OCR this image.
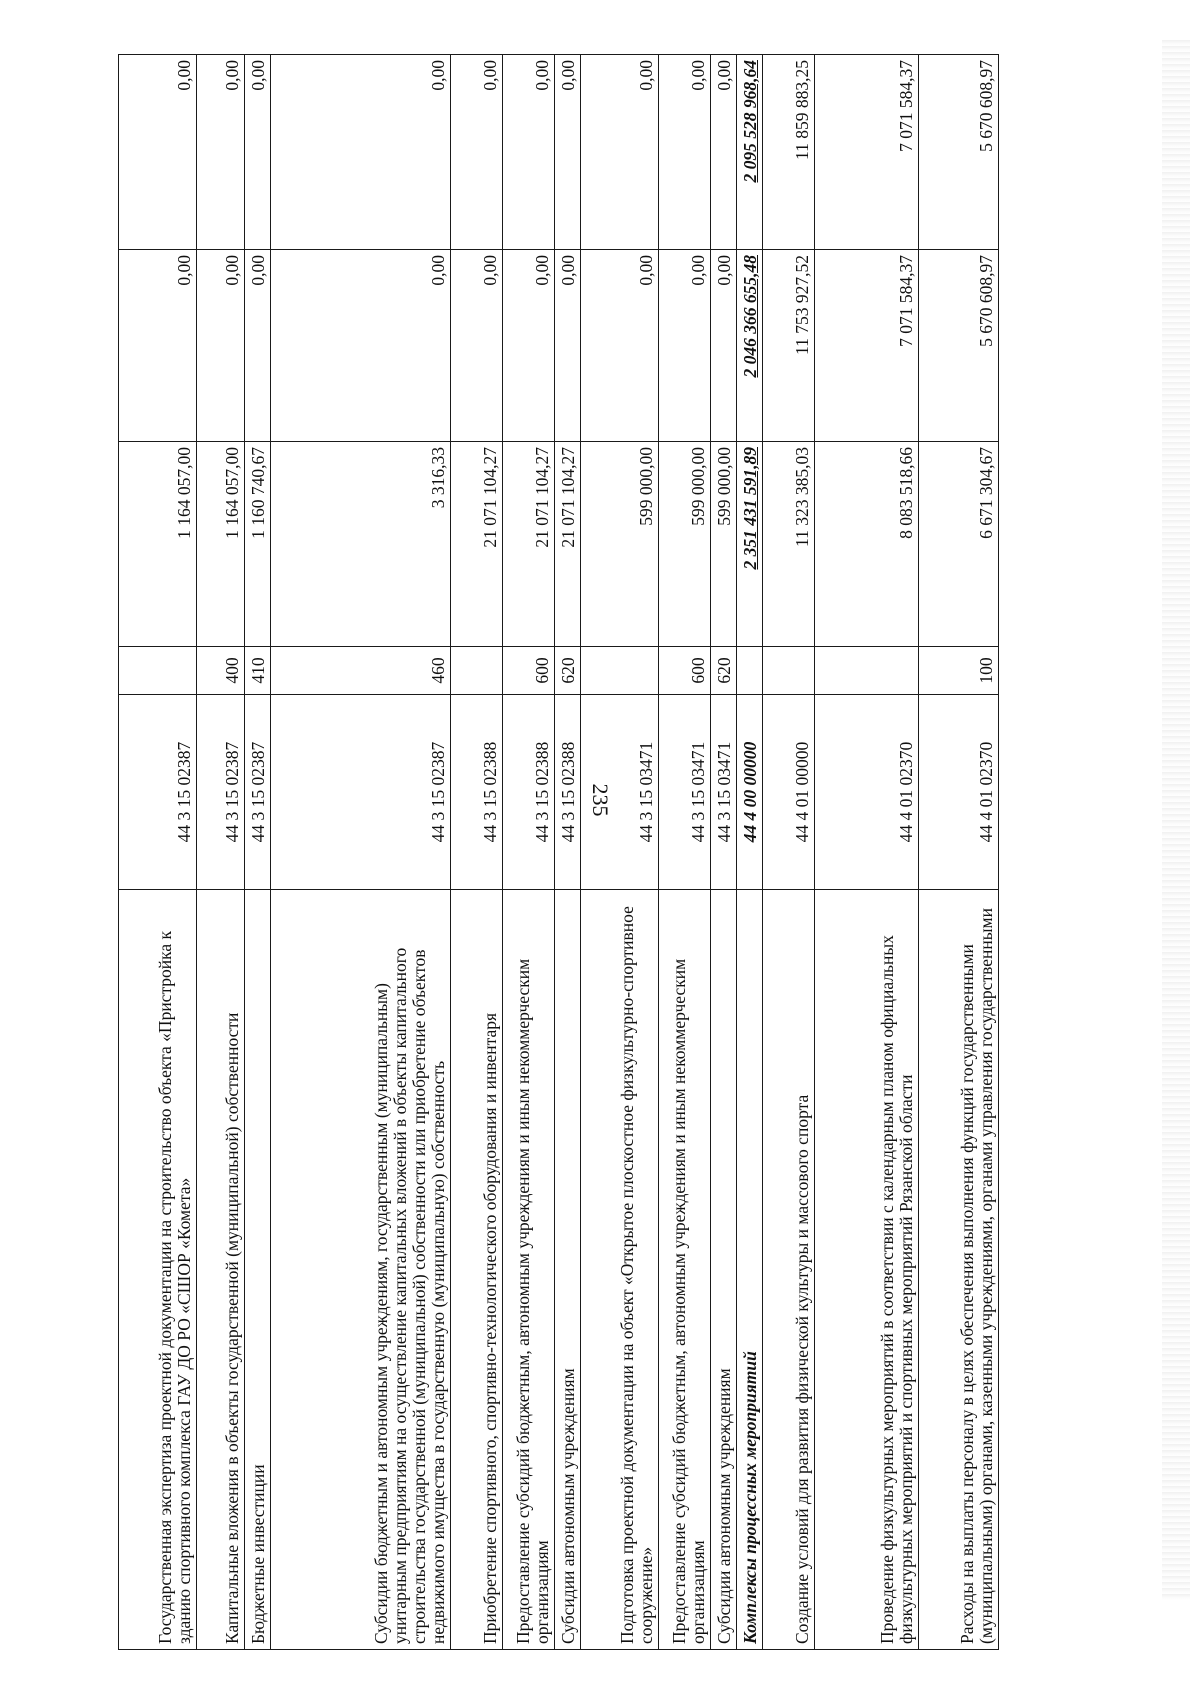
235
Государственная экспертиза проектной документации на строительство объекта «Пристройка к зданию спортивного комплекса ГАУ ДО РО «СШОР «Комета»	44 3 15 02387		1 164 057,00	0,00	0,00
Капитальные вложения в объекты государственной (муниципальной) собственности	44 3 15 02387	400	1 164 057,00	0,00	0,00
Бюджетные инвестиции	44 3 15 02387	410	1 160 740,67	0,00	0,00
Субсидии бюджетным и автономным учреждениям, государственным (муниципальным) унитарным предприятиям на осуществление капитальных вложений в объекты капитального строительства государственной (муниципальной) собственности или приобретение объектов недвижимого имущества в государственную (муниципальную) собственность	44 3 15 02387	460	3 316,33	0,00	0,00
Приобретение спортивного, спортивно-технологического оборудования и инвентаря	44 3 15 02388		21 071 104,27	0,00	0,00
Предоставление субсидий бюджетным, автономным учреждениям и иным некоммерческим организациям	44 3 15 02388	600	21 071 104,27	0,00	0,00
Субсидии автономным учреждениям	44 3 15 02388	620	21 071 104,27	0,00	0,00
Подготовка проектной документации на объект «Открытое плоскостное физкультурно-спортивное сооружение»	44 3 15 03471		599 000,00	0,00	0,00
Предоставление субсидий бюджетным, автономным учреждениям и иным некоммерческим организациям	44 3 15 03471	600	599 000,00	0,00	0,00
Субсидии автономным учреждениям	44 3 15 03471	620	599 000,00	0,00	0,00
Комплексы процессных мероприятий	44 4 00 00000		2 351 431 591,89	2 046 366 655,48	2 095 528 968,64
Создание условий для развития физической культуры и массового спорта	44 4 01 00000		11 323 385,03	11 753 927,52	11 859 883,25
Проведение физкультурных мероприятий в соответствии с календарным планом официальных физкультурных мероприятий и спортивных мероприятий Рязанской области	44 4 01 02370		8 083 518,66	7 071 584,37	7 071 584,37
Расходы на выплаты персоналу в целях обеспечения выполнения функций государственными (муниципальными) органами, казенными учреждениями, органами управления государственными	44 4 01 02370	100	6 671 304,67	5 670 608,97	5 670 608,97
